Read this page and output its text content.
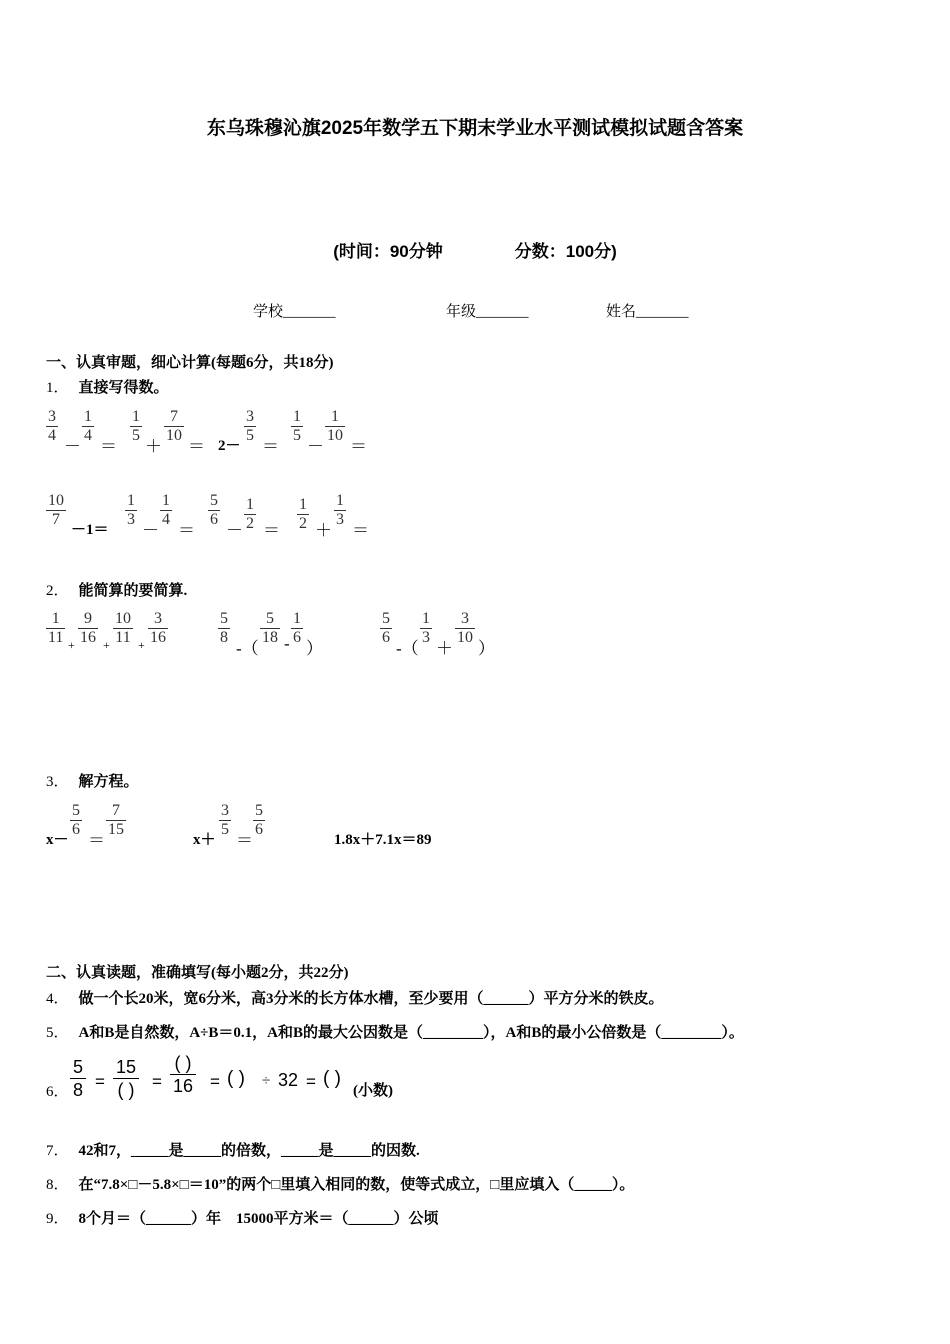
东乌珠穆沁旗2025年数学五下期末学业水平测试模拟试题含答案
(时间：90分钟	分数：100分)
学校_______	年级_______	姓名_______
一、认真审题，细心计算(每题6分，共18分)
1． 直接写得数。
3
4
－
1
4
＝
1
5
＋
7
10
＝ 2－
3
5
＝
1
5
－
1
10
＝
10
7
－1＝
1
3
－
1
4
＝
5
6
－
1
2 ＝
1
2 ＋
1
3
＝
2． 能简算的要简算.
1
11 +
9
16 +
10
11 +
3
16
5
8
-（
5
18 -
1
6
）
5
6
-（
1
3
＋
3
10
）
3． 解方程。
x－
5
6
＝
7
15
x＋
3
5
＝
5
6
1.8x＋7.1x＝89
二、认真读题，准确填写(每小题2分，共22分)
4． 做一个长20米，宽6分米，高3分米的长方体水槽，至少要用（______）平方分米的铁皮。
5． A和B是自然数，A÷B＝0.1，A和B的最大公因数是（________），A和B的最小公倍数是（________）。
6．
5
8 =
15
( ) =
( )
16 = ( ) ÷ 32 = ( )
(小数)
7． 42和7，_____是_____的倍数，_____是_____的因数.
8． 在“7.8×□－5.8×□＝10”的两个□里填入相同的数，使等式成立，□里应填入（_____）。
9． 8个月＝（______）年　15000平方米＝（______）公顷
